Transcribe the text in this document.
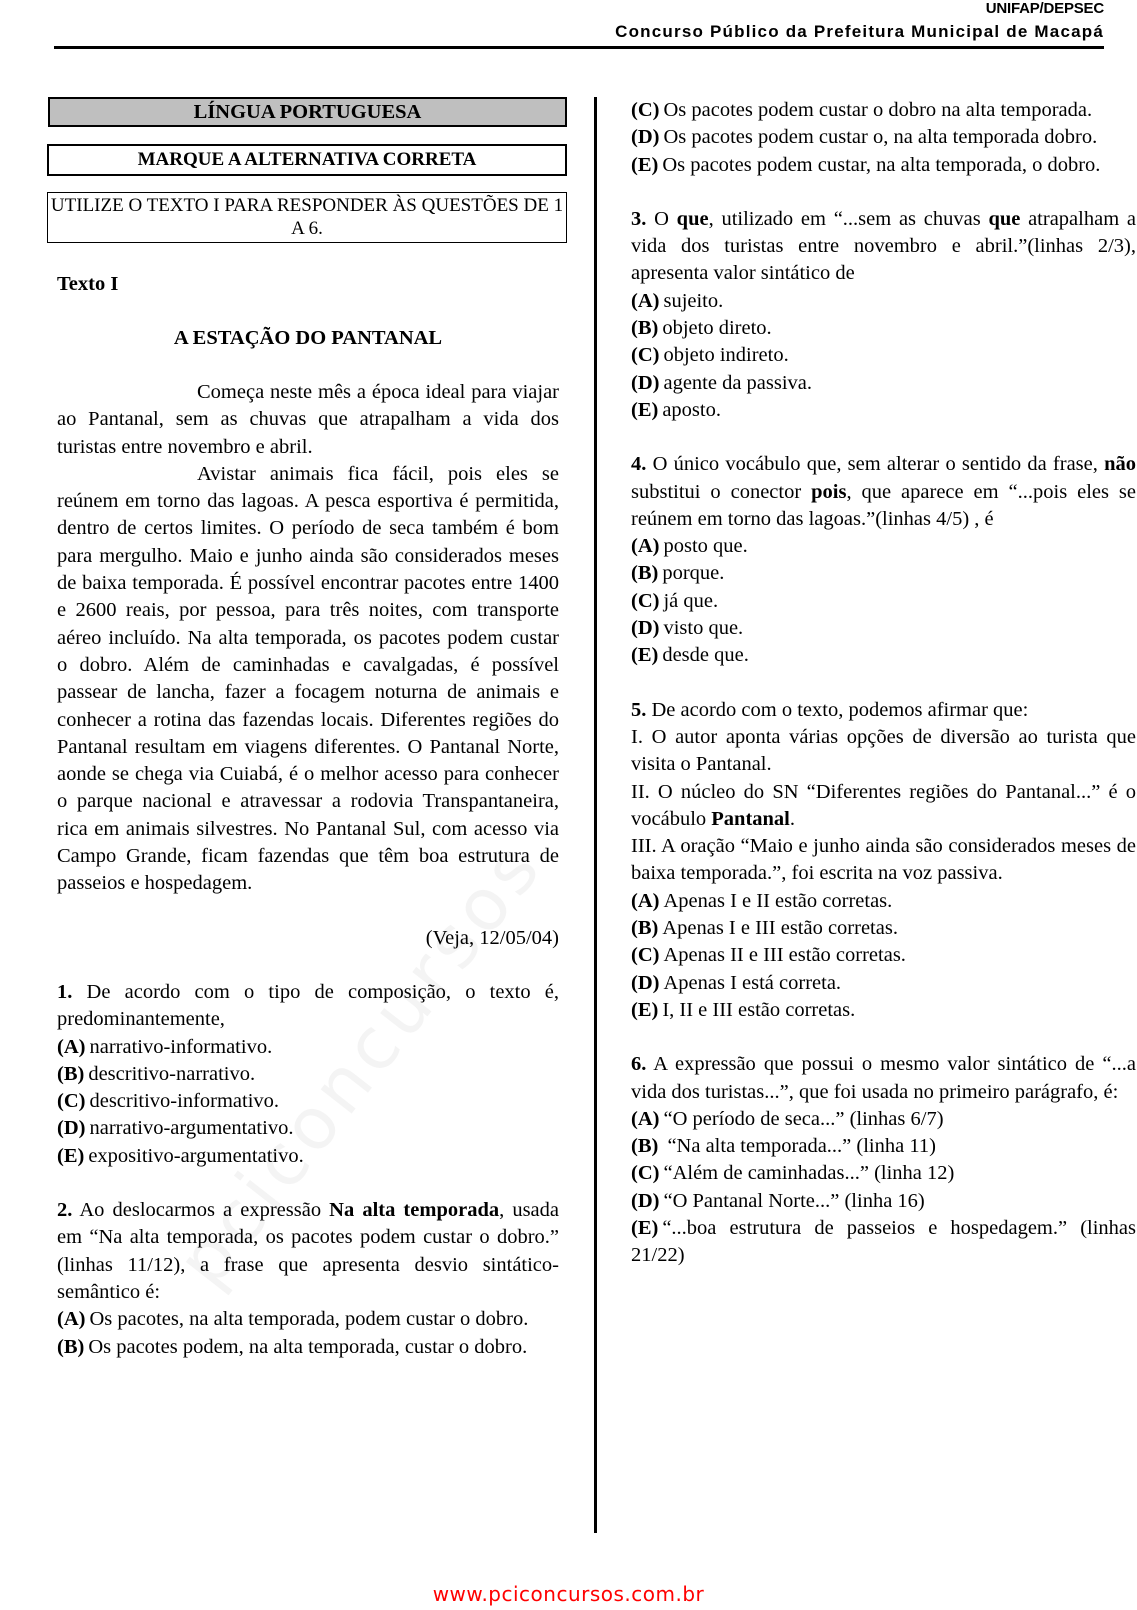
UNIFAP/DEPSEC
Concurso Público da Prefeitura Municipal de Macapá
LÍNGUA PORTUGUESA
MARQUE A ALTERNATIVA CORRETA
UTILIZE O TEXTO I PARA RESPONDER ÀS QUESTÕES DE 1 A 6.
Texto I
A ESTAÇÃO DO PANTANAL

Começa neste mês a época ideal para viajar ao Pantanal, sem as chuvas que atrapalham a vida dos turistas entre novembro e abril.

Avistar animais fica fácil, pois eles se reúnem em torno das lagoas. A pesca esportiva é permitida, dentro de certos limites. O período de seca também é bom para mergulho. Maio e junho ainda são considerados meses de baixa temporada. É possível encontrar pacotes entre 1400 e 2600 reais, por pessoa, para três noites, com transporte aéreo incluído. Na alta temporada, os pacotes podem custar o dobro. Além de caminhadas e cavalgadas, é possível passear de lancha, fazer a focagem noturna de animais e conhecer a rotina das fazendas locais. Diferentes regiões do Pantanal resultam em viagens diferentes. O Pantanal Norte, aonde se chega via Cuiabá, é o melhor acesso para conhecer o parque nacional e atravessar a rodovia Transpantaneira, rica em animais silvestres. No Pantanal Sul, com acesso via Campo Grande, ficam fazendas que têm boa estrutura de passeios e hospedagem.

(Veja, 12/05/04)

1. De acordo com o tipo de composição, o texto é, predominantemente,

(A) narrativo-informativo.

(B) descritivo-narrativo.

(C) descritivo-informativo.

(D) narrativo-argumentativo.

(E) expositivo-argumentativo.

2. Ao deslocarmos a expressão Na alta temporada, usada em “Na alta temporada, os pacotes podem custar o dobro.” (linhas 11/12), a frase que apresenta desvio sintático-semântico é:

(A) Os pacotes, na alta temporada, podem custar o dobro.

(B) Os pacotes podem, na alta temporada, custar o dobro.

(C) Os pacotes podem custar o dobro na alta temporada.

(D) Os pacotes podem custar o, na alta temporada dobro.

(E) Os pacotes podem custar, na alta temporada, o dobro.

3. O que, utilizado em “...sem as chuvas que atrapalham a vida dos turistas entre novembro e abril.”(linhas 2/3), apresenta valor sintático de

(A) sujeito.

(B) objeto direto.

(C) objeto indireto.

(D) agente da passiva.

(E) aposto.

4. O único vocábulo que, sem alterar o sentido da frase, não substitui o conector pois, que aparece em “...pois eles se reúnem em torno das lagoas.”(linhas 4/5) , é

(A) posto que.

(B) porque.

(C) já que.

(D) visto que.

(E) desde que.

5. De acordo com o texto, podemos afirmar que:

I. O autor aponta várias opções de diversão ao turista que visita o Pantanal.

II. O núcleo do SN “Diferentes regiões do Pantanal...” é o vocábulo Pantanal.

III. A oração “Maio e junho ainda são considerados meses de baixa temporada.”, foi escrita na voz passiva.

(A) Apenas I e II estão corretas.

(B) Apenas I e III estão corretas.

(C) Apenas II e III estão corretas.

(D) Apenas I está correta.

(E) I, II e III estão corretas.

6. A expressão que possui o mesmo valor sintático de “...a vida dos turistas...”, que foi usada no primeiro parágrafo, é:

(A) “O período de seca...” (linhas 6/7)

(B) “Na alta temporada...” (linha 11)

(C) “Além de caminhadas...” (linha 12)

(D) “O Pantanal Norte...” (linha 16)

(E) “...boa estrutura de passeios e hospedagem.” (linhas 21/22)

www.pciconcursos.com.br
